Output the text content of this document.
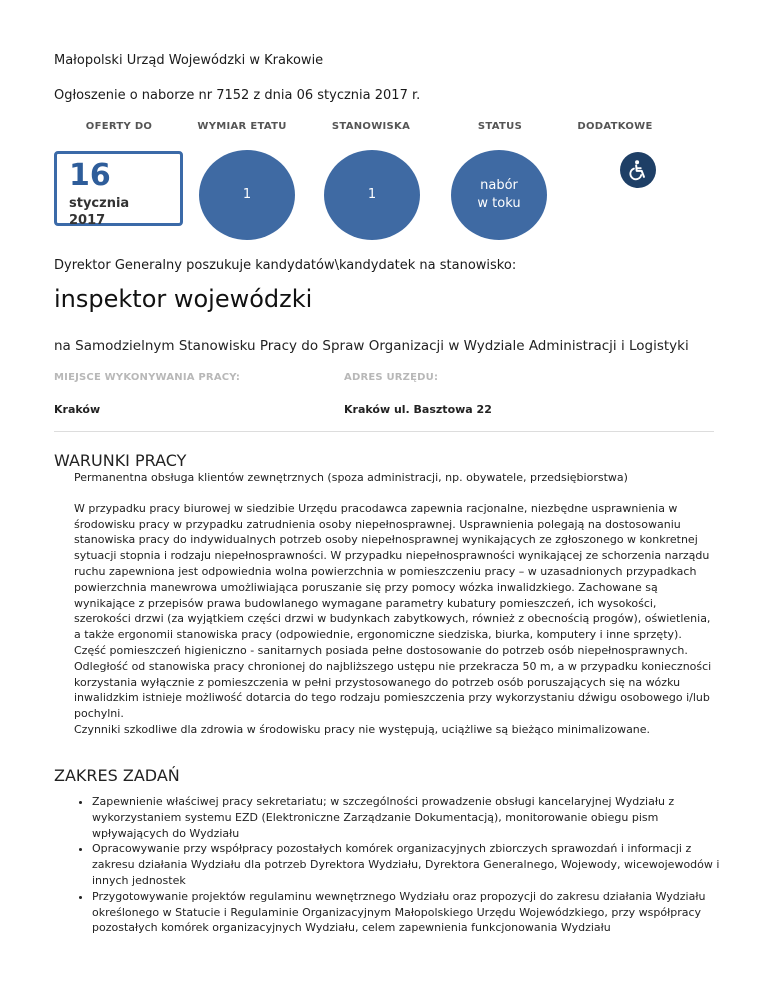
Małopolski Urząd Wojewódzki w Krakowie
Ogłoszenie o naborze nr 7152 z dnia 06 stycznia 2017 r.
OFERTY DO	WYMIAR ETATU	STANOWISKA	STATUS	DODATKOWE
16
stycznia
2017
1	1
nabór
w toku
Dyrektor Generalny poszukuje kandydatów\kandydatek na stanowisko:
inspektor wojewódzki
na Samodzielnym Stanowisku Pracy do Spraw Organizacji w Wydziale Administracji i Logistyki
MIEJSCE WYKONYWANIA PRACY:	ADRES URZĘDU:
Kraków	Kraków ul. Basztowa 22
WARUNKI PRACY

Permanentna obsługa klientów zewnętrznych (spoza administracji, np. obywatele, przedsiębiorstwa)

W przypadku pracy biurowej w siedzibie Urzędu pracodawca zapewnia racjonalne, niezbędne usprawnienia w środowisku pracy w przypadku zatrudnienia osoby niepełnosprawnej. Usprawnienia polegają na dostosowaniu stanowiska pracy do indywidualnych potrzeb osoby niepełnosprawnej wynikających ze zgłoszonego w konkretnej sytuacji stopnia i rodzaju niepełnosprawności. W przypadku niepełnosprawności wynikającej ze schorzenia narządu ruchu zapewniona jest odpowiednia wolna powierzchnia w pomieszczeniu pracy – w uzasadnionych przypadkach powierzchnia manewrowa umożliwiająca poruszanie się przy pomocy wózka inwalidzkiego. Zachowane są wynikające z przepisów prawa budowlanego wymagane parametry kubatury pomieszczeń, ich wysokości, szerokości drzwi (za wyjątkiem części drzwi w budynkach zabytkowych, również z obecnością progów), oświetlenia, a także ergonomii stanowiska pracy (odpowiednie, ergonomiczne siedziska, biurka, komputery i inne sprzęty).

Część pomieszczeń higieniczno - sanitarnych posiada pełne dostosowanie do potrzeb osób niepełnosprawnych. Odległość od stanowiska pracy chronionej do najbliższego ustępu nie przekracza 50 m, a w przypadku konieczności korzystania wyłącznie z pomieszczenia w pełni przystosowanego do potrzeb osób poruszających się na wózku inwalidzkim istnieje możliwość dotarcia do tego rodzaju pomieszczenia przy wykorzystaniu dźwigu osobowego i/lub pochylni.

Czynniki szkodliwe dla zdrowia w środowisku pracy nie występują, uciążliwe są bieżąco minimalizowane.

ZAKRES ZADAŃ
• Zapewnienie właściwej pracy sekretariatu; w szczególności prowadzenie obsługi kancelaryjnej Wydziału z wykorzystaniem systemu EZD (Elektroniczne Zarządzanie Dokumentacją), monitorowanie obiegu pism wpływających do Wydziału
• Opracowywanie przy współpracy pozostałych komórek organizacyjnych zbiorczych sprawozdań i informacji z zakresu działania Wydziału dla potrzeb Dyrektora Wydziału, Dyrektora Generalnego, Wojewody, wicewojewodów i innych jednostek
• Przygotowywanie projektów regulaminu wewnętrznego Wydziału oraz propozycji do zakresu działania Wydziału określonego w Statucie i Regulaminie Organizacyjnym Małopolskiego Urzędu Wojewódzkiego, przy współpracy pozostałych komórek organizacyjnych Wydziału, celem zapewnienia funkcjonowania Wydziału
